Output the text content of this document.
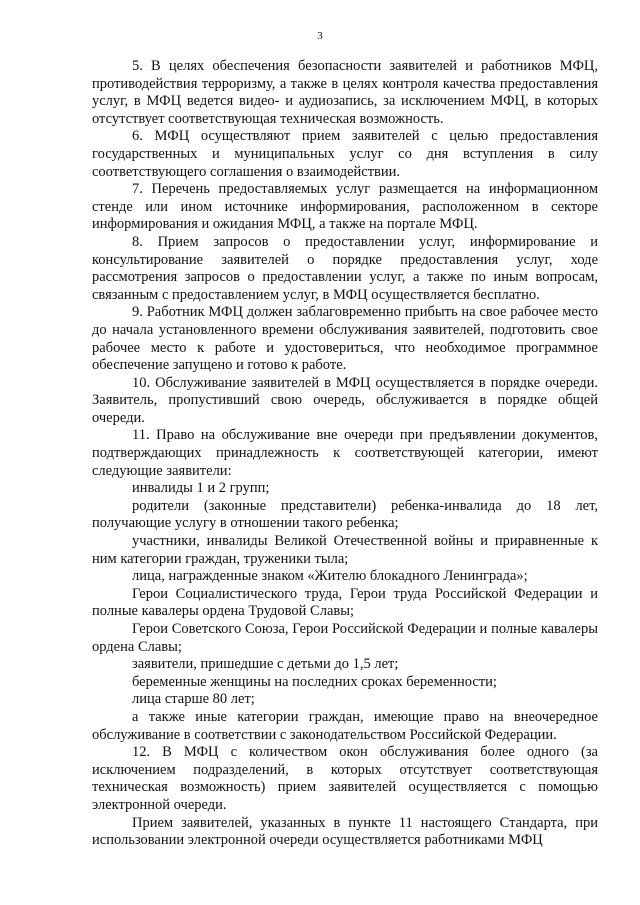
3

5. В целях обеспечения безопасности заявителей и работников МФЦ, противодействия терроризму, а также в целях контроля качества предоставления услуг, в МФЦ ведется видео- и аудиозапись, за исключением МФЦ, в которых отсутствует соответствующая техническая возможность.

6. МФЦ осуществляют прием заявителей с целью предоставления государственных и муниципальных услуг со дня вступления в силу соответствующего соглашения о взаимодействии.

7. Перечень предоставляемых услуг размещается на информационном стенде или ином источнике информирования, расположенном в секторе информирования и ожидания МФЦ, а также на портале МФЦ.

8. Прием запросов о предоставлении услуг, информирование и консультирование заявителей о порядке предоставления услуг, ходе рассмотрения запросов о предоставлении услуг, а также по иным вопросам, связанным с предоставлением услуг, в МФЦ осуществляется бесплатно.

9. Работник МФЦ должен заблаговременно прибыть на свое рабочее место до начала установленного времени обслуживания заявителей, подготовить свое рабочее место к работе и удостовериться, что необходимое программное обеспечение запущено и готово к работе.

10. Обслуживание заявителей в МФЦ осуществляется в порядке очереди. Заявитель, пропустивший свою очередь, обслуживается в порядке общей очереди.

11. Право на обслуживание вне очереди при предъявлении документов, подтверждающих принадлежность к соответствующей категории, имеют следующие заявители:

инвалиды 1 и 2 групп;

родители (законные представители) ребенка-инвалида до 18 лет, получающие услугу в отношении такого ребенка;

участники, инвалиды Великой Отечественной войны и приравненные к ним категории граждан, труженики тыла;

лица, награжденные знаком «Жителю блокадного Ленинграда»;

Герои Социалистического труда, Герои труда Российской Федерации и полные кавалеры ордена Трудовой Славы;

Герои Советского Союза, Герои Российской Федерации и полные кавалеры ордена Славы;

заявители, пришедшие с детьми до 1,5 лет;

беременные женщины на последних сроках беременности;

лица старше 80 лет;

а также иные категории граждан, имеющие право на внеочередное обслуживание в соответствии с законодательством Российской Федерации.

12. В МФЦ с количеством окон обслуживания более одного (за исключением подразделений, в которых отсутствует соответствующая техническая возможность) прием заявителей осуществляется с помощью электронной очереди.

Прием заявителей, указанных в пункте 11 настоящего Стандарта, при использовании электронной очереди осуществляется работниками МФЦ
